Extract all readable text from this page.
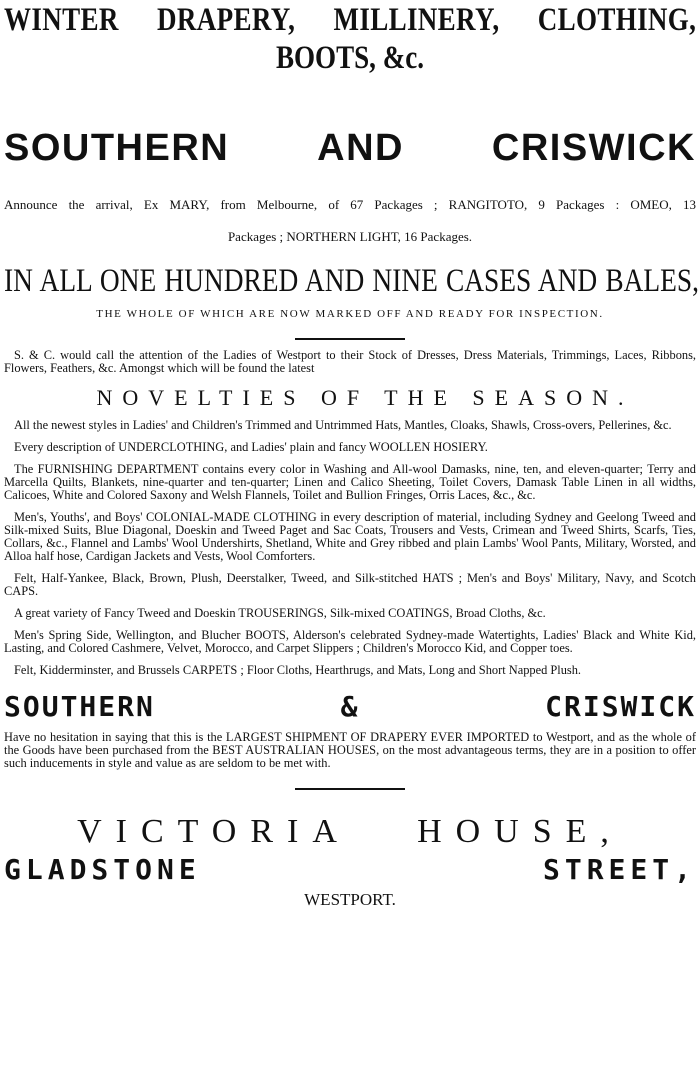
WINTER DRAPERY, MILLINERY, CLOTHING,
BOOTS, &c.
SOUTHERN AND CRISWICK

Announce the arrival, Ex MARY, from Melbourne, of 67 Packages ; RANGITOTO, 9 Packages : OMEO, 13
Packages ; NORTHERN LIGHT, 16 Packages.

IN ALL ONE HUNDRED AND NINE CASES AND BALES,
THE WHOLE OF WHICH ARE NOW MARKED OFF AND READY FOR INSPECTION.

S. & C. would call the attention of the Ladies of Westport to their Stock of Dresses, Dress Materials, Trimmings, Laces, Ribbons, Flowers, Feathers, &c. Amongst which will be found the latest

NOVELTIES OF THE SEASON.

All the newest styles in Ladies' and Children's Trimmed and Untrimmed Hats, Mantles, Cloaks, Shawls, Cross-overs, Pellerines, &c.

Every description of UNDERCLOTHING, and Ladies' plain and fancy WOOLLEN HOSIERY.

The FURNISHING DEPARTMENT contains every color in Washing and All-wool Damasks, nine, ten, and eleven-quarter; Terry and Marcella Quilts, Blankets, nine-quarter and ten-quarter; Linen and Calico Sheeting, Toilet Covers, Damask Table Linen in all widths, Calicoes, White and Colored Saxony and Welsh Flannels, Toilet and Bullion Fringes, Orris Laces, &c., &c.

Men's, Youths', and Boys' COLONIAL-MADE CLOTHING in every description of material, including Sydney and Geelong Tweed and Silk-mixed Suits, Blue Diagonal, Doeskin and Tweed Paget and Sac Coats, Trousers and Vests, Crimean and Tweed Shirts, Scarfs, Ties, Collars, &c., Flannel and Lambs' Wool Undershirts, Shetland, White and Grey ribbed and plain Lambs' Wool Pants, Military, Worsted, and Alloa half hose, Cardigan Jackets and Vests, Wool Comforters.

Felt, Half-Yankee, Black, Brown, Plush, Deerstalker, Tweed, and Silk-stitched HATS ; Men's and Boys' Military, Navy, and Scotch CAPS.

A great variety of Fancy Tweed and Doeskin TROUSERINGS, Silk-mixed COATINGS, Broad Cloths, &c.

Men's Spring Side, Wellington, and Blucher BOOTS, Alderson's celebrated Sydney-made Watertights, Ladies' Black and White Kid, Lasting, and Colored Cashmere, Velvet, Morocco, and Carpet Slippers ; Children's Morocco Kid, and Copper toes.

Felt, Kidderminster, and Brussels CARPETS ; Floor Cloths, Hearthrugs, and Mats, Long and Short Napped Plush.

SOUTHERN	&	CRISWICK

Have no hesitation in saying that this is the LARGEST SHIPMENT OF DRAPERY EVER IMPORTED to Westport, and as the whole of the Goods have been purchased from the BEST AUSTRALIAN HOUSES, on the most advantageous terms, they are in a position to offer such inducements in style and value as are seldom to be met with.

VICTORIA HOUSE,
GLADSTONE	STREET,
WESTPORT.
